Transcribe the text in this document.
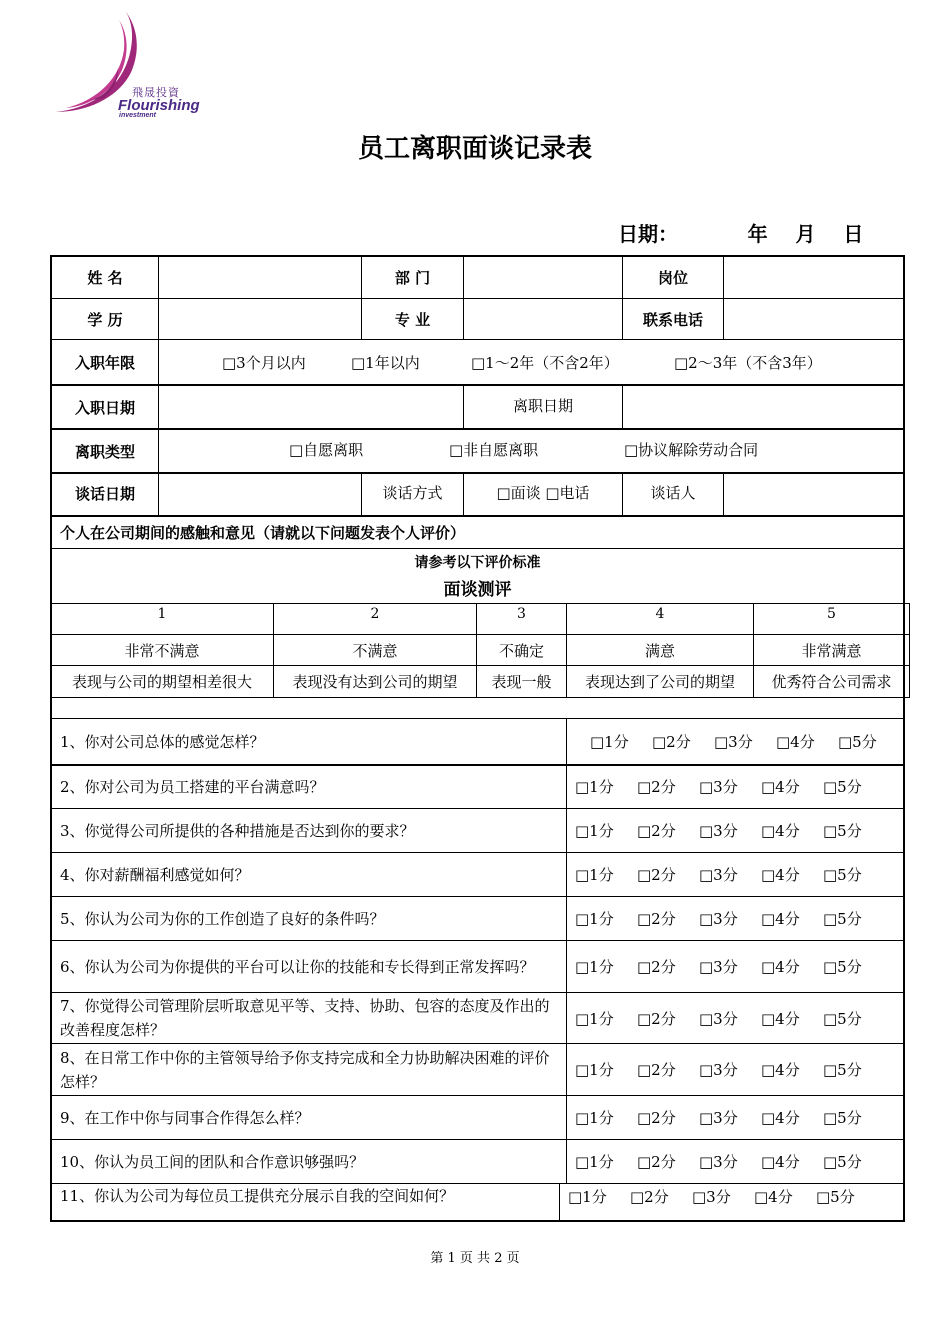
飛晟投資
Flourishing
investment
员工离职面谈记录表
日期：          年    月    日
姓 名	部 门	岗位
学 历	专 业	联系电话
入职年限	□3个月以内	□1年以内	□1～2年（不含2年）	□2～3年（不含3年）
入职日期	离职日期
离职类型	□自愿离职	□非自愿离职	□协议解除劳动合同
谈话日期	谈话方式	□面谈 □电话	谈话人
个人在公司期间的感触和意见（请就以下问题发表个人评价）
请参考以下评价标准
面谈测评
1	2	3	4	5
非常不满意	不满意	不确定	满意	非常满意
表现与公司的期望相差很大	表现没有达到公司的期望	表现一般	表现达到了公司的期望	优秀符合公司需求
1、你对公司总体的感觉怎样？	□1分	□2分	□3分	□4分	□5分
2、你对公司为员工搭建的平台满意吗？	□1分	□2分	□3分	□4分	□5分
3、你觉得公司所提供的各种措施是否达到你的要求？	□1分	□2分	□3分	□4分	□5分
4、你对薪酬福利感觉如何？	□1分	□2分	□3分	□4分	□5分
5、你认为公司为你的工作创造了良好的条件吗？	□1分	□2分	□3分	□4分	□5分
6、你认为公司为你提供的平台可以让你的技能和专长得到正常发挥吗？	□1分	□2分	□3分	□4分	□5分
7、你觉得公司管理阶层听取意见平等、支持、协助、包容的态度及作出的改善程度怎样？
□1分	□2分	□3分	□4分	□5分
8、在日常工作中你的主管领导给予你支持完成和全力协助解决困难的评价怎样？
□1分	□2分	□3分	□4分	□5分
9、在工作中你与同事合作得怎么样？	□1分	□2分	□3分	□4分	□5分
10、你认为员工间的团队和合作意识够强吗？	□1分	□2分	□3分	□4分	□5分
11、你认为公司为每位员工提供充分展示自我的空间如何？	□1分	□2分	□3分	□4分	□5分
第 1 页 共 2 页
